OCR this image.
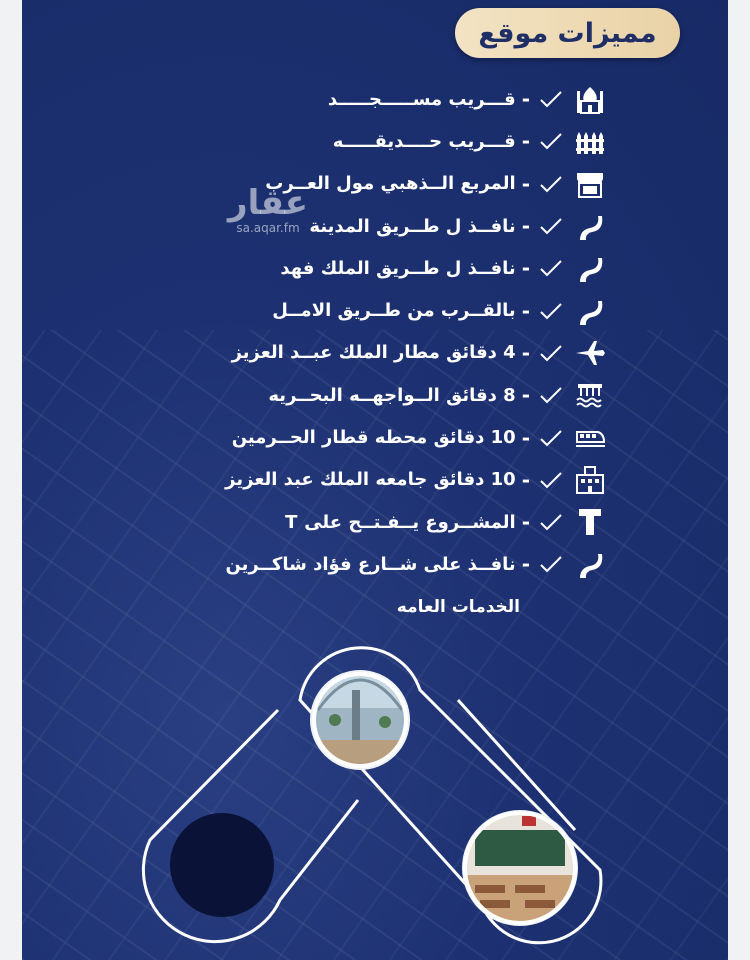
مميزات موقع
-
قـــريب مســـــجـــــد
-
قـــريب حــــديقـــــه
-
المربع الــذهبي مول العــرب
-
نافــذ ل طــريق المدينة
-
نافــذ ل طــريق الملك فهد
-
بالقــرب من طــريق الامــل
-
4 دقائق مطار الملك عبــد العزيز
-
8 دقائق الــواجهــه البحــريه
-
10 دقائق محطه قطار الحــرمين
-
10 دقائق جامعه الملك عبد العزيز
-
المشــروع يــفـتــح على T
-
نافــذ على شــارع فؤاد شاكــرين
عقار
sa.aqar.fm
الخدمات العامه
